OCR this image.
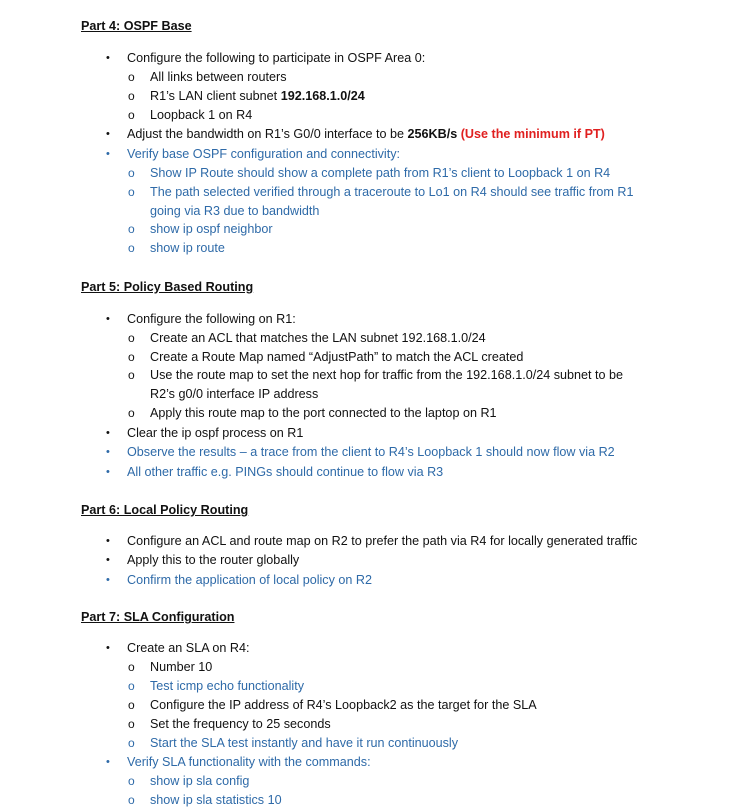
Part 4: OSPF Base
• Configure the following to participate in OSPF Area 0:
o All links between routers
o R1’s LAN client subnet 192.168.1.0/24
o Loopback 1 on R4
• Adjust the bandwidth on R1’s G0/0 interface to be 256KB/s (Use the minimum if PT)
• Verify base OSPF configuration and connectivity:
o Show IP Route should show a complete path from R1’s client to Loopback 1 on R4
o The path selected verified through a traceroute to Lo1 on R4 should see traffic from R1
going via R3 due to bandwidth
o show ip ospf neighbor
o show ip route
Part 5: Policy Based Routing
• Configure the following on R1:
o Create an ACL that matches the LAN subnet 192.168.1.0/24
o Create a Route Map named “AdjustPath” to match the ACL created
o Use the route map to set the next hop for traffic from the 192.168.1.0/24 subnet to be
R2’s g0/0 interface IP address
o Apply this route map to the port connected to the laptop on R1
• Clear the ip ospf process on R1
• Observe the results – a trace from the client to R4’s Loopback 1 should now flow via R2
• All other traffic e.g. PINGs should continue to flow via R3
Part 6: Local Policy Routing
• Configure an ACL and route map on R2 to prefer the path via R4 for locally generated traffic
• Apply this to the router globally
• Confirm the application of local policy on R2
Part 7: SLA Configuration
• Create an SLA on R4:
o Number 10
o Test icmp echo functionality
o Configure the IP address of R4’s Loopback2 as the target for the SLA
o Set the frequency to 25 seconds
o Start the SLA test instantly and have it run continuously
• Verify SLA functionality with the commands:
o show ip sla config
o show ip sla statistics 10
